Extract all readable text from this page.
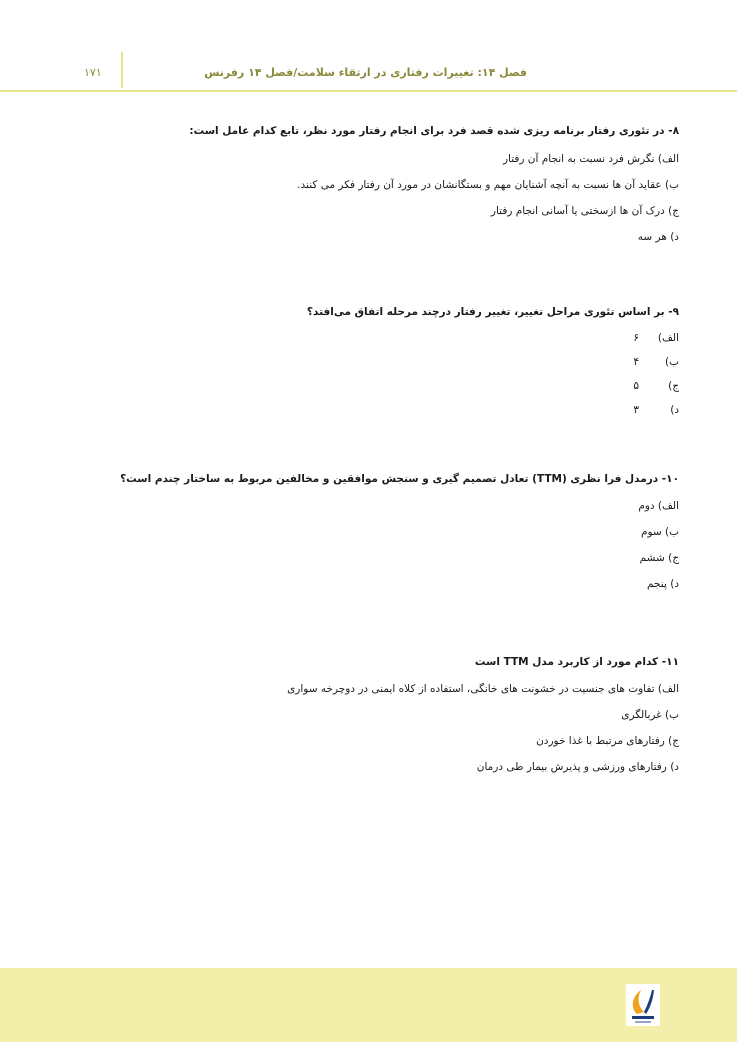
فصل ۱۴: تغییرات رفتاری در ارتقاء سلامت/فصل ۱۴ رفرنس
۱۷۱
۸- در تئوری رفتار برنامه ریزی شده قصد فرد برای انجام رفتار مورد نظر، تابع کدام عامل است:
الف) نگرش فرد نسبت به انجام آن رفتار
ب) عقاید آن ها نسبت به آنچه آشنایان مهم و بستگانشان در مورد آن رفتار فکر می کنند.
ج) درک آن ها ازسختی یا آسانی انجام رفتار
د) هر سه
۹- بر اساس تئوری مراحل تغییر، تغییر رفتار درچند مرحله اتفاق می‌افتد؟
الف)۶
ب)۴
ج)۵
د)۳
۱۰- درمدل فرا نظری (TTM) تعادل تصمیم گیری و سنجش موافقین و مخالفین مربوط به ساختار چندم است؟
الف) دوم
ب) سوم
ج) ششم
د) پنجم
۱۱- کدام مورد از کاربرد مدل TTM است
الف) تفاوت های جنسیت در خشونت های خانگی، استفاده از کلاه ایمنی در دوچرخه سواری
ب) غربالگری
ج) رفتارهای مرتبط با غذا خوردن
د) رفتارهای ورزشی و پذیرش بیمار طی درمان
